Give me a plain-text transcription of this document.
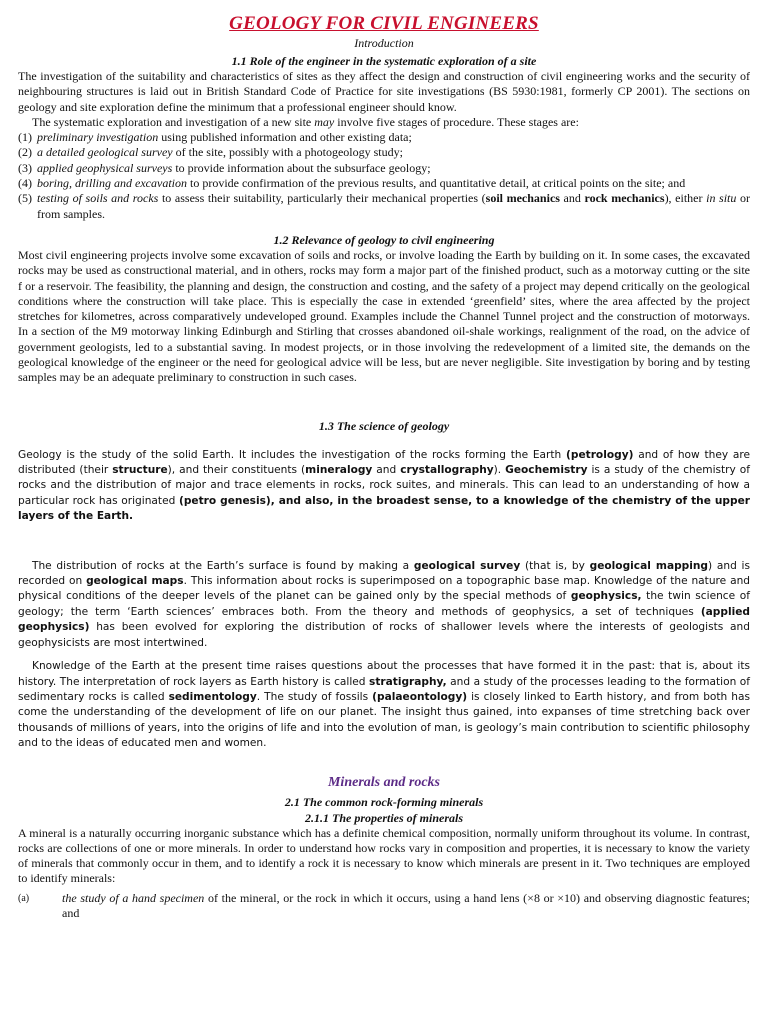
GEOLOGY FOR CIVIL ENGINEERS
Introduction
1.1 Role of the engineer in the systematic exploration of a site

The investigation of the suitability and characteristics of sites as they affect the design and construction of civil engineering works and the security of neighbouring structures is laid out in British Standard Code of Practice for site investigations (BS 5930:1981, formerly CP 2001). The sections on geology and site exploration define the minimum that a professional engineer should know.

The systematic exploration and investigation of a new site may involve five stages of procedure. These stages are:

(1) preliminary investigation using published information and other existing data;
(2) a detailed geological survey of the site, possibly with a photogeology study;
(3) applied geophysical surveys to provide information about the subsurface geology;
(4) boring, drilling and excavation to provide confirmation of the previous results, and quantitative detail, at critical points on the site; and
(5) testing of soils and rocks to assess their suitability, particularly their mechanical properties (soil mechanics and rock mechanics), either in situ or from samples.
1.2 Relevance of geology to civil engineering

Most civil engineering projects involve some excavation of soils and rocks, or involve loading the Earth by building on it. In some cases, the excavated rocks may be used as constructional material, and in others, rocks may form a major part of the finished product, such as a motorway cutting or the site f or a reservoir. The feasibility, the planning and design, the construction and costing, and the safety of a project may depend critically on the geological conditions where the construction will take place. This is especially the case in extended ‘greenfield’ sites, where the area affected by the project stretches for kilometres, across comparatively undeveloped ground. Examples include the Channel Tunnel project and the construction of motorways. In a section of the M9 motorway linking Edinburgh and Stirling that crosses abandoned oil-shale workings, realignment of the road, on the advice of government geologists, led to a substantial saving. In modest projects, or in those involving the redevelopment of a limited site, the demands on the geological knowledge of the engineer or the need for geological advice will be less, but are never negligible. Site investigation by boring and by testing samples may be an adequate preliminary to construction in such cases.

1.3 The science of geology

Geology is the study of the solid Earth. It includes the investigation of the rocks forming the Earth (petrology) and of how they are distributed (their structure), and their constituents (mineralogy and crystallography). Geochemistry is a study of the chemistry of rocks and the distribution of major and trace elements in rocks, rock suites, and minerals. This can lead to an understanding of how a particular rock has originated (petro genesis), and also, in the broadest sense, to a knowledge of the chemistry of the upper layers of the Earth.

The distribution of rocks at the Earth’s surface is found by making a geological survey (that is, by geological mapping) and is recorded on geological maps. This information about rocks is superimposed on a topographic base map. Knowledge of the nature and physical conditions of the deeper levels of the planet can be gained only by the special methods of geophysics, the twin science of geology; the term ‘Earth sciences’ embraces both. From the theory and methods of geophysics, a set of techniques (applied geophysics) has been evolved for exploring the distribution of rocks of shallower levels where the interests of geologists and geophysicists are most intertwined.

Knowledge of the Earth at the present time raises questions about the processes that have formed it in the past: that is, about its history. The interpretation of rock layers as Earth history is called stratigraphy, and a study of the processes leading to the formation of sedimentary rocks is called sedimentology. The study of fossils (palaeontology) is closely linked to Earth history, and from both has come the understanding of the development of life on our planet. The insight thus gained, into expanses of time stretching back over thousands of millions of years, into the origins of life and into the evolution of man, is geology’s main contribution to scientific philosophy and to the ideas of educated men and women.

Minerals and rocks
2.1 The common rock-forming minerals
2.1.1 The properties of minerals

A mineral is a naturally occurring inorganic substance which has a definite chemical composition, normally uniform throughout its volume. In contrast, rocks are collections of one or more minerals. In order to understand how rocks vary in composition and properties, it is necessary to know the variety of minerals that commonly occur in them, and to identify a rock it is necessary to know which minerals are present in it. Two techniques are employed to identify minerals:

(a)	the study of a hand specimen of the mineral, or the rock in which it occurs, using a hand lens (×8 or ×10) and observing diagnostic features; and
